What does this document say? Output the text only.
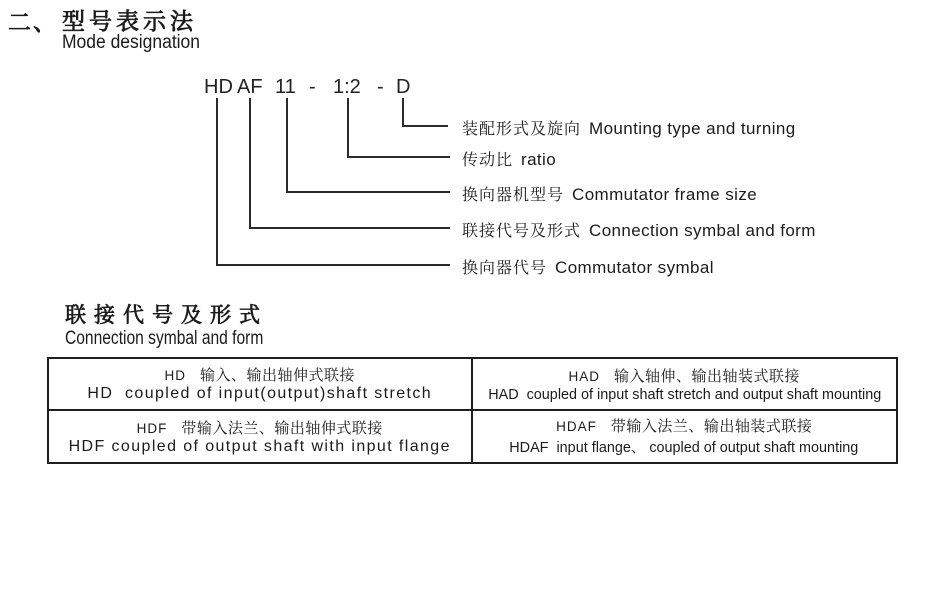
二、 型号表示法
Mode designation
HD AF 11 - 1:2 - D
装配形式及旋向 Mounting type and turning
传动比 ratio
换向器机型号 Commutator frame size
联接代号及形式 Connection symbal and form
换向器代号 Commutator symbal
联接代号及形式
Connection symbal and form
HD 输入、输出轴伸式联接
HD  coupled of input(output)shaft stretch
HAD 输入轴伸、输出轴装式联接
HAD  coupled of input shaft stretch and output shaft mounting
HDF 带输入法兰、输出轴伸式联接
HDF coupled of output shaft with input flange
HDAF 带输入法兰、输出轴装式联接
HDAF  input flange、 coupled of output shaft mounting
